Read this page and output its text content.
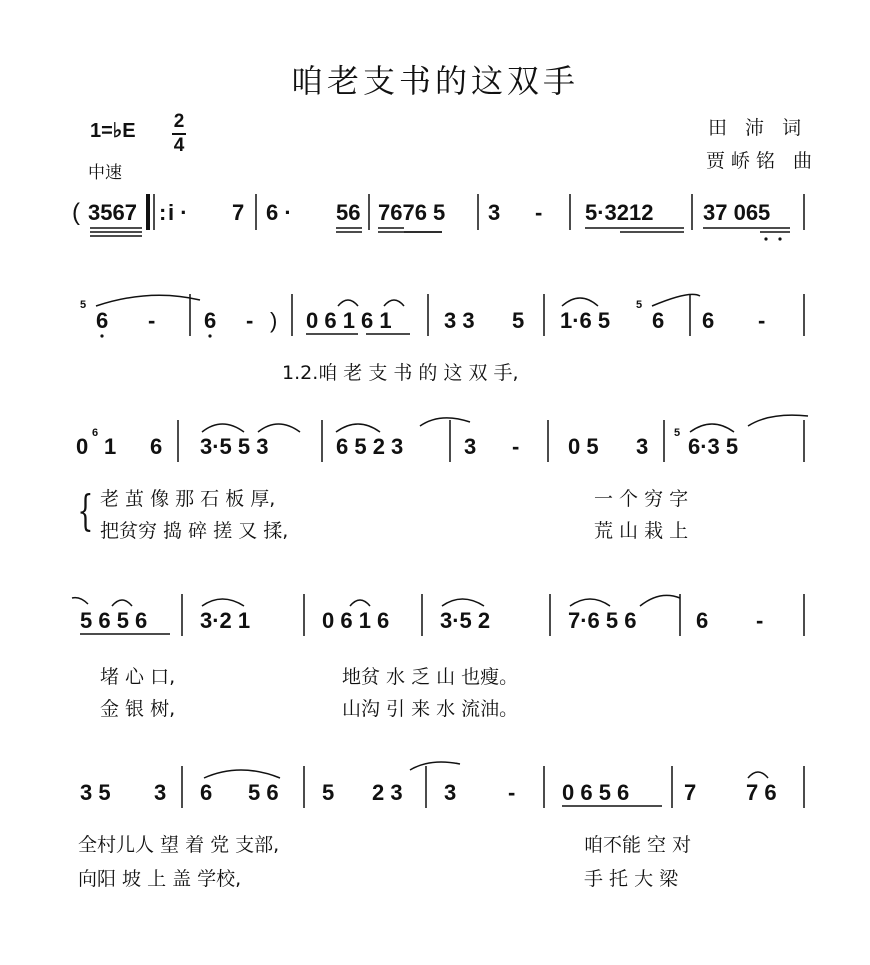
咱老支书的这双手
田 沛 词
贾峤铭 曲
1=♭E 2
4
中速
( 3567 : i · 7 6 · 56 7676 5 3 - 5·3212 37 065
5
6 - 6 - ) 0 6 1 6 1 3 3 5 1·6 5
5
6 6 -
1.2.咱 老 支 书 的 这 双 手,
0
6
1 6 3·5 5 3	6 5 2 3	3 - 0 5 3
5
6·3 5
{ 老 茧 像 那 石 板 厚,	一 个 穷 字
把贫穷 捣 碎 搓 又 揉,	荒 山 栽 上
5 6 5 6 3·2 1	0 6 1 6 3·5 2	7·6 5 6	6 -
堵 心 口,	地贫 水 乏 山 也瘦。
金 银 树,	山沟 引 来 水 流油。
3 5 3 6 5 6 5 2 3 3 - 0 6 5 6 7 7 6
全村儿人 望 着 党 支部,	咱不能 空 对
向阳 坡 上 盖 学校,	手 托 大 梁
